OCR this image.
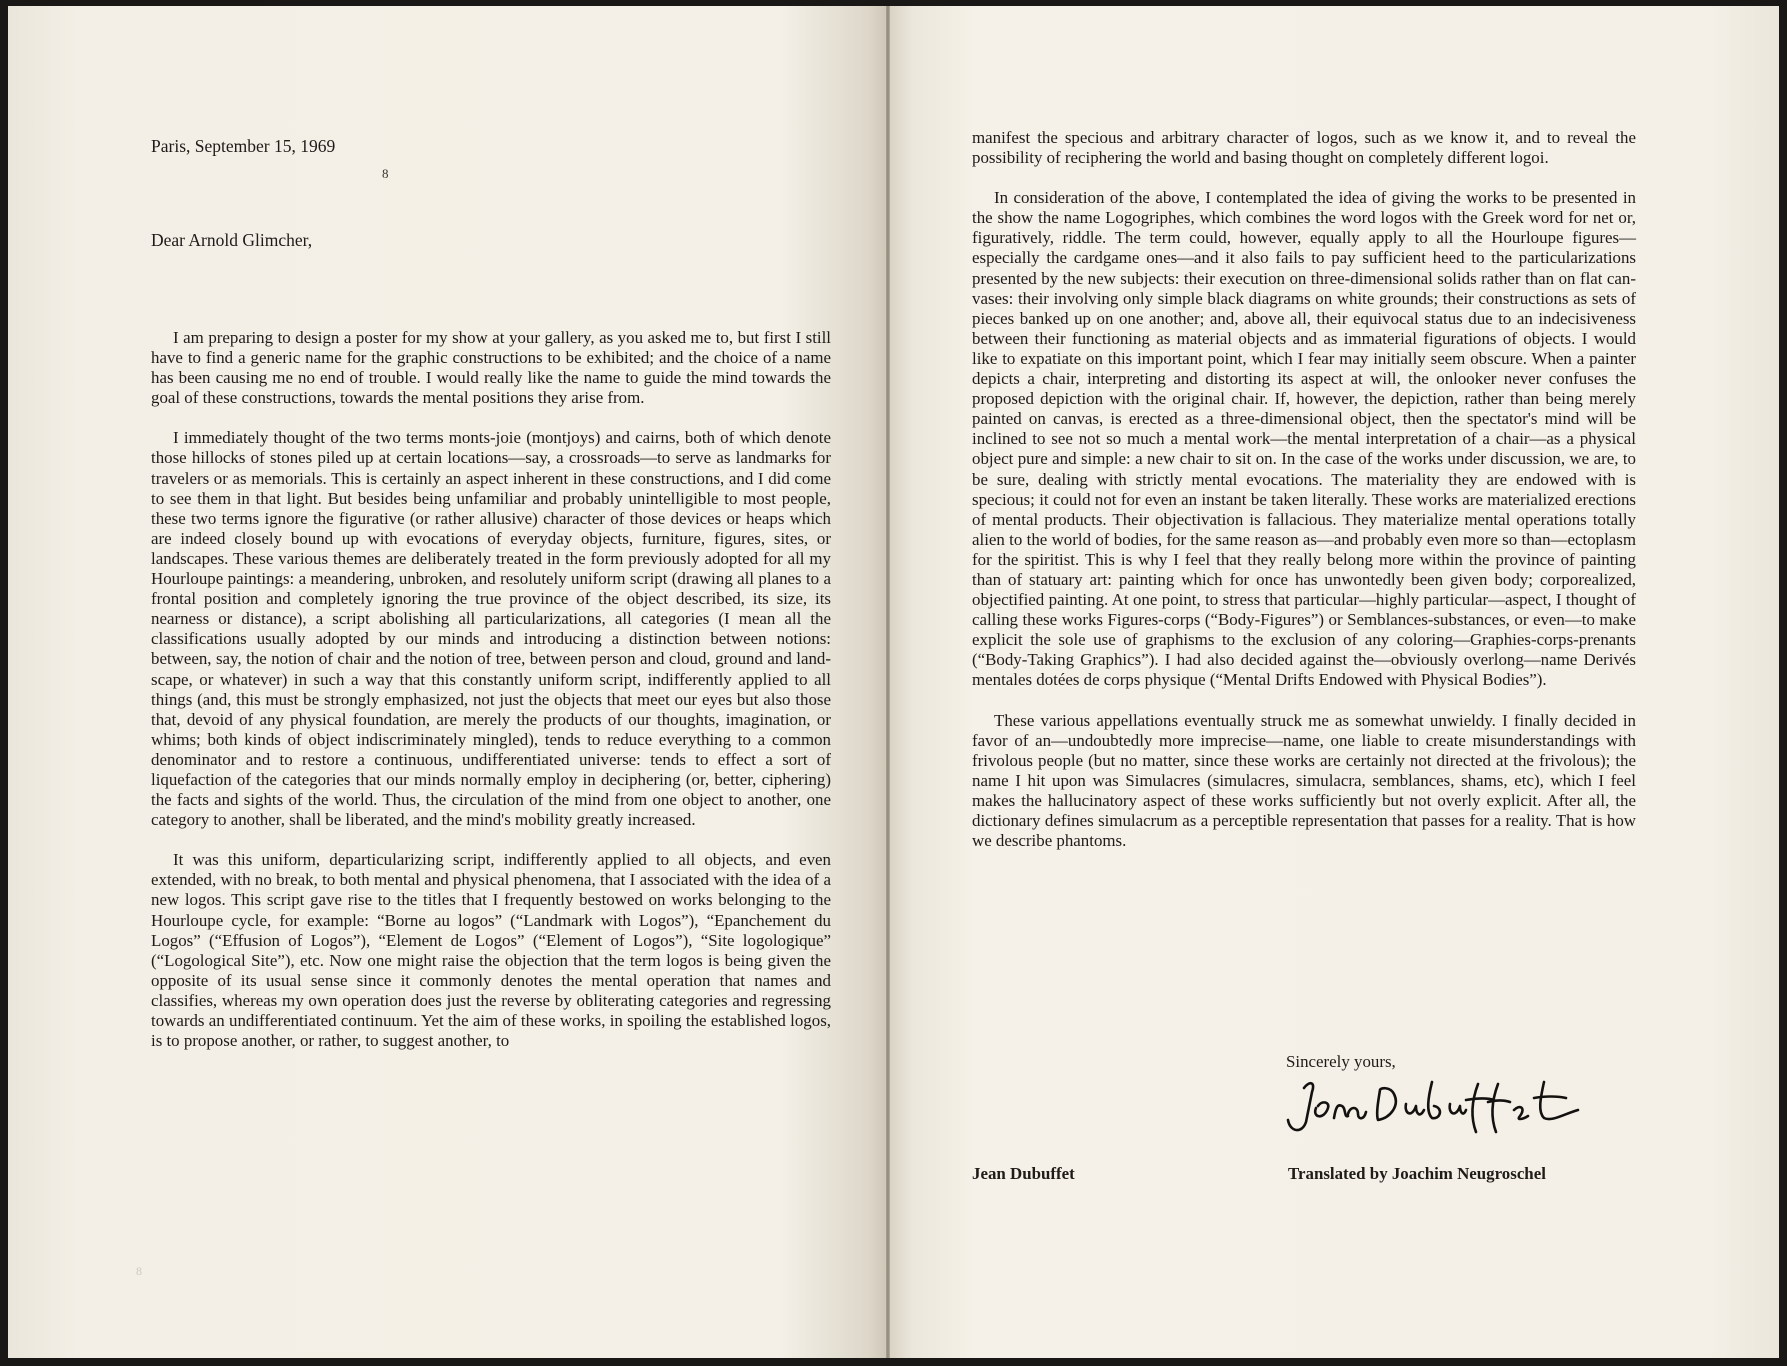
Paris, September 15, 1969
8
Dear Arnold Glimcher,

I am preparing to design a poster for my show at your gallery, as you asked me to, but first I still have to find a generic name for the graphic constructions to be exhibited; and the choice of a name has been causing me no end of trouble. I would really like the name to guide the mind towards the goal of these constructions, towards the mental positions they arise from.

I immediately thought of the two terms monts-joie (montjoys) and cairns, both of which denote those hillocks of stones piled up at certain locations—say, a crossroads—to serve as landmarks for travelers or as memorials. This is certainly an aspect inherent in these constructions, and I did come to see them in that light. But besides being unfamiliar and probably unintelligible to most people, these two terms ignore the figurative (or rather allusive) character of those devices or heaps which are indeed closely bound up with evocations of everyday objects, furniture, figures, sites, or landscapes. These various themes are deliberately treated in the form previously adopted for all my Hourloupe paintings: a meandering, unbroken, and resolutely uniform script (drawing all planes to a frontal position and completely ignoring the true province of the object described, its size, its nearness or distance), a script abolishing all particularizations, all categories (I mean all the classifications usually adopted by our minds and introducing a distinction between notions: between, say, the notion of chair and the notion of tree, between person and cloud, ground and landscape, or whatever) in such a way that this constantly uniform script, indifferently applied to all things (and, this must be strongly emphasized, not just the objects that meet our eyes but also those that, devoid of any physical foundation, are merely the products of our thoughts, imagination, or whims; both kinds of object indiscriminately mingled), tends to reduce everything to a common denominator and to restore a continuous, undifferentiated universe: tends to effect a sort of liquefaction of the categories that our minds normally employ in deciphering (or, better, ciphering) the facts and sights of the world. Thus, the circulation of the mind from one object to another, one category to another, shall be liberated, and the mind's mobility greatly increased.

It was this uniform, departicularizing script, indifferently applied to all objects, and even extended, with no break, to both mental and physical phenomena, that I associated with the idea of a new logos. This script gave rise to the titles that I frequently bestowed on works belonging to the Hourloupe cycle, for example: “Borne au logos” (“Landmark with Logos”), “Epanchement du Logos” (“Effusion of Logos”), “Element de Logos” (“Element of Logos”), “Site logologique” (“Logological Site”), etc. Now one might raise the objection that the term logos is being given the opposite of its usual sense since it commonly denotes the mental operation that names and classifies, whereas my own operation does just the reverse by obliterating categories and regressing towards an undifferentiated continuum. Yet the aim of these works, in spoiling the established logos, is to propose another, or rather, to suggest another, to

8

manifest the specious and arbitrary character of logos, such as we know it, and to reveal the possibility of reciphering the world and basing thought on completely different logoi.

In consideration of the above, I contemplated the idea of giving the works to be presented in the show the name Logogriphes, which combines the word logos with the Greek word for net or, figuratively, riddle. The term could, however, equally apply to all the Hourloupe figures—especially the cardgame ones—and it also fails to pay sufficient heed to the particularizations presented by the new subjects: their execution on three-dimensional solids rather than on flat canvases: their involving only simple black diagrams on white grounds; their constructions as sets of pieces banked up on one another; and, above all, their equivocal status due to an indecisiveness between their functioning as material objects and as immaterial figurations of objects. I would like to expatiate on this important point, which I fear may initially seem obscure. When a painter depicts a chair, interpreting and distorting its aspect at will, the onlooker never confuses the proposed depiction with the original chair. If, however, the depiction, rather than being merely painted on canvas, is erected as a three-dimensional object, then the spectator's mind will be inclined to see not so much a mental work—the mental interpretation of a chair—as a physical object pure and simple: a new chair to sit on. In the case of the works under discussion, we are, to be sure, dealing with strictly mental evocations. The materiality they are endowed with is specious; it could not for even an instant be taken literally. These works are materialized erections of mental products. Their objectivation is fallacious. They materialize mental operations totally alien to the world of bodies, for the same reason as—and probably even more so than—ectoplasm for the spiritist. This is why I feel that they really belong more within the province of painting than of statuary art: painting which for once has unwontedly been given body; corporealized, objectified painting. At one point, to stress that particular—highly particular—aspect, I thought of calling these works Figures-corps (“Body-Figures”) or Semblances-substances, or even—to make explicit the sole use of graphisms to the exclusion of any coloring—Graphies-corps-prenants (“Body-Taking Graphics”). I had also decided against the—obviously overlong—name Derivés mentales dotées de corps physique (“Mental Drifts Endowed with Physical Bodies”).

These various appellations eventually struck me as somewhat unwieldy. I finally decided in favor of an—undoubtedly more imprecise—name, one liable to create misunderstandings with frivolous people (but no matter, since these works are certainly not directed at the frivolous); the name I hit upon was Simulacres (simulacres, simulacra, semblances, shams, etc), which I feel makes the hallucinatory aspect of these works sufficiently but not overly explicit. After all, the dictionary defines simulacrum as a perceptible representation that passes for a reality. That is how we describe phantoms.

Sincerely yours,
Jean Dubuffet	Translated by Joachim Neugroschel
